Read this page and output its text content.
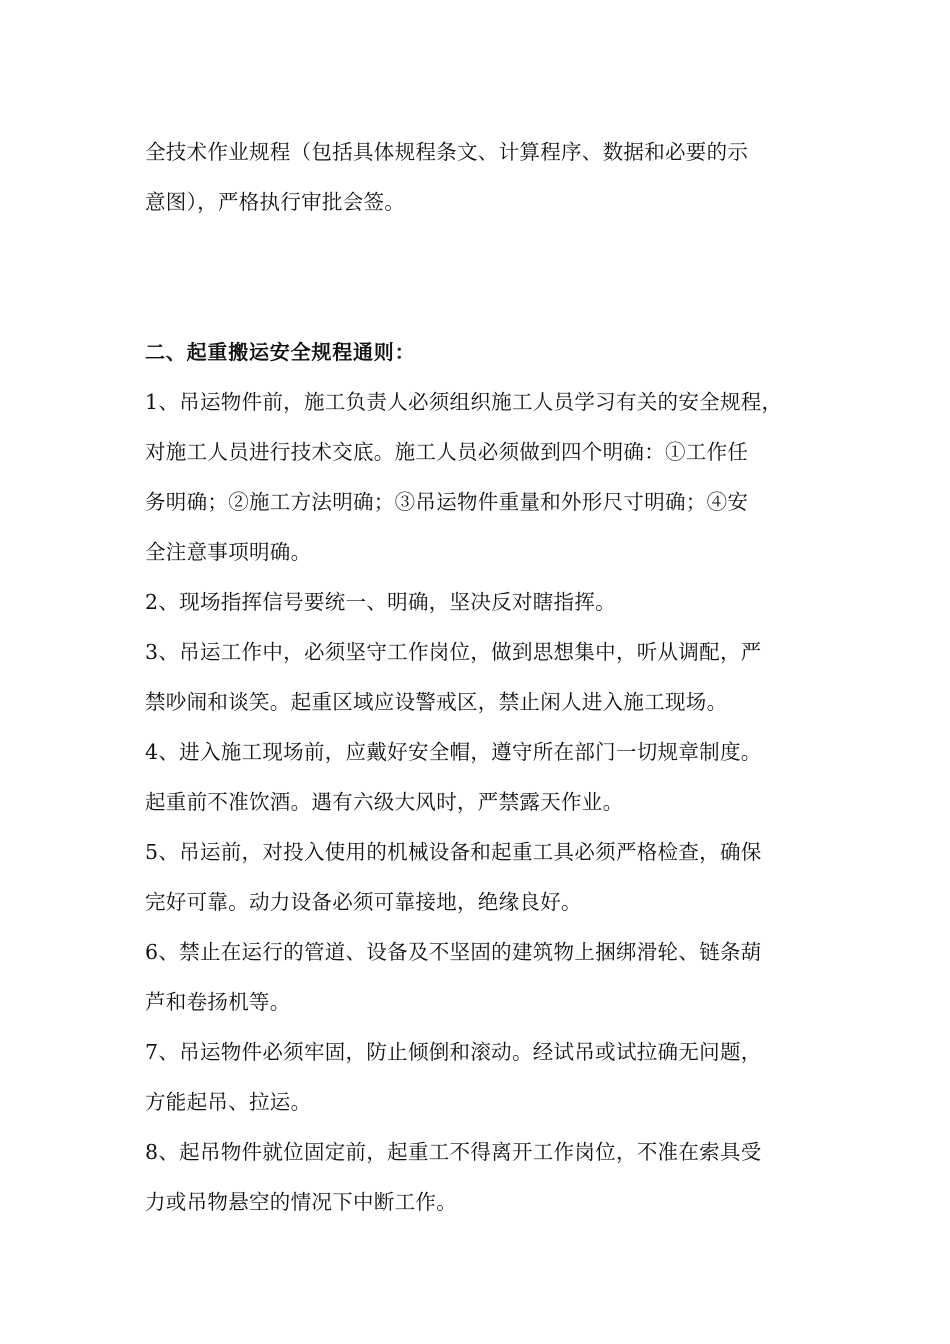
全技术作业规程（包括具体规程条文、计算程序、数据和必要的示
意图），严格执行审批会签。
二、起重搬运安全规程通则：
1、吊运物件前，施工负责人必须组织施工人员学习有关的安全规程，
对施工人员进行技术交底。施工人员必须做到四个明确：①工作任
务明确；②施工方法明确；③吊运物件重量和外形尺寸明确；④安
全注意事项明确。
2、现场指挥信号要统一、明确，坚决反对瞎指挥。
3、吊运工作中，必须坚守工作岗位，做到思想集中，听从调配，严
禁吵闹和谈笑。起重区域应设警戒区，禁止闲人进入施工现场。
4、进入施工现场前，应戴好安全帽，遵守所在部门一切规章制度。
起重前不准饮酒。遇有六级大风时，严禁露天作业。
5、吊运前，对投入使用的机械设备和起重工具必须严格检查，确保
完好可靠。动力设备必须可靠接地，绝缘良好。
6、禁止在运行的管道、设备及不坚固的建筑物上捆绑滑轮、链条葫
芦和卷扬机等。
7、吊运物件必须牢固，防止倾倒和滚动。经试吊或试拉确无问题，
方能起吊、拉运。
8、起吊物件就位固定前，起重工不得离开工作岗位，不准在索具受
力或吊物悬空的情况下中断工作。
